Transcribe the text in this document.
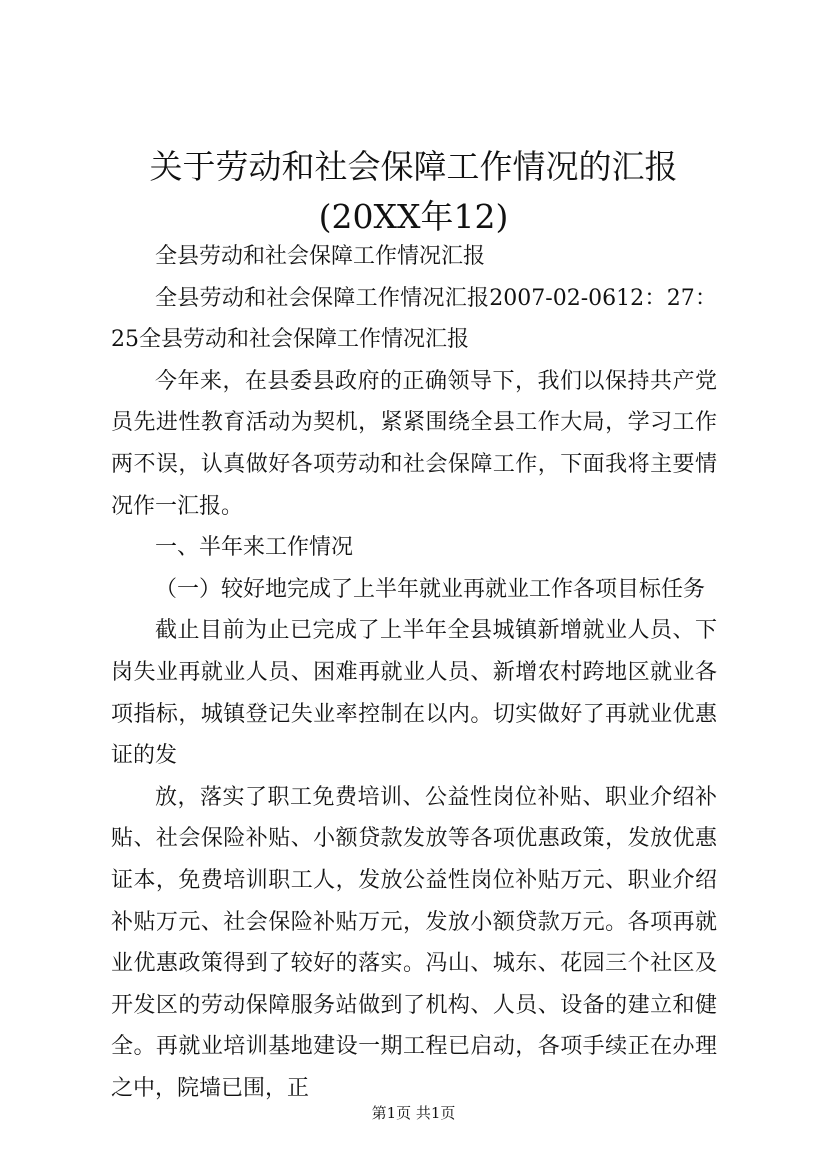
关于劳动和社会保障工作情况的汇报(20XX年12)

全县劳动和社会保障工作情况汇报

全县劳动和社会保障工作情况汇报2007-02-0612：27：25全县劳动和社会保障工作情况汇报

今年来，在县委县政府的正确领导下，我们以保持共产党员先进性教育活动为契机，紧紧围绕全县工作大局，学习工作两不误，认真做好各项劳动和社会保障工作，下面我将主要情况作一汇报。

一、半年来工作情况

（一）较好地完成了上半年就业再就业工作各项目标任务

截止目前为止已完成了上半年全县城镇新增就业人员、下岗失业再就业人员、困难再就业人员、新增农村跨地区就业各项指标，城镇登记失业率控制在以内。切实做好了再就业优惠证的发

放，落实了职工免费培训、公益性岗位补贴、职业介绍补贴、社会保险补贴、小额贷款发放等各项优惠政策，发放优惠证本，免费培训职工人，发放公益性岗位补贴万元、职业介绍补贴万元、社会保险补贴万元，发放小额贷款万元。各项再就业优惠政策得到了较好的落实。冯山、城东、花园三个社区及开发区的劳动保障服务站做到了机构、人员、设备的建立和健全。再就业培训基地建设一期工程已启动，各项手续正在办理之中，院墙已围，正

第1页 共1页
